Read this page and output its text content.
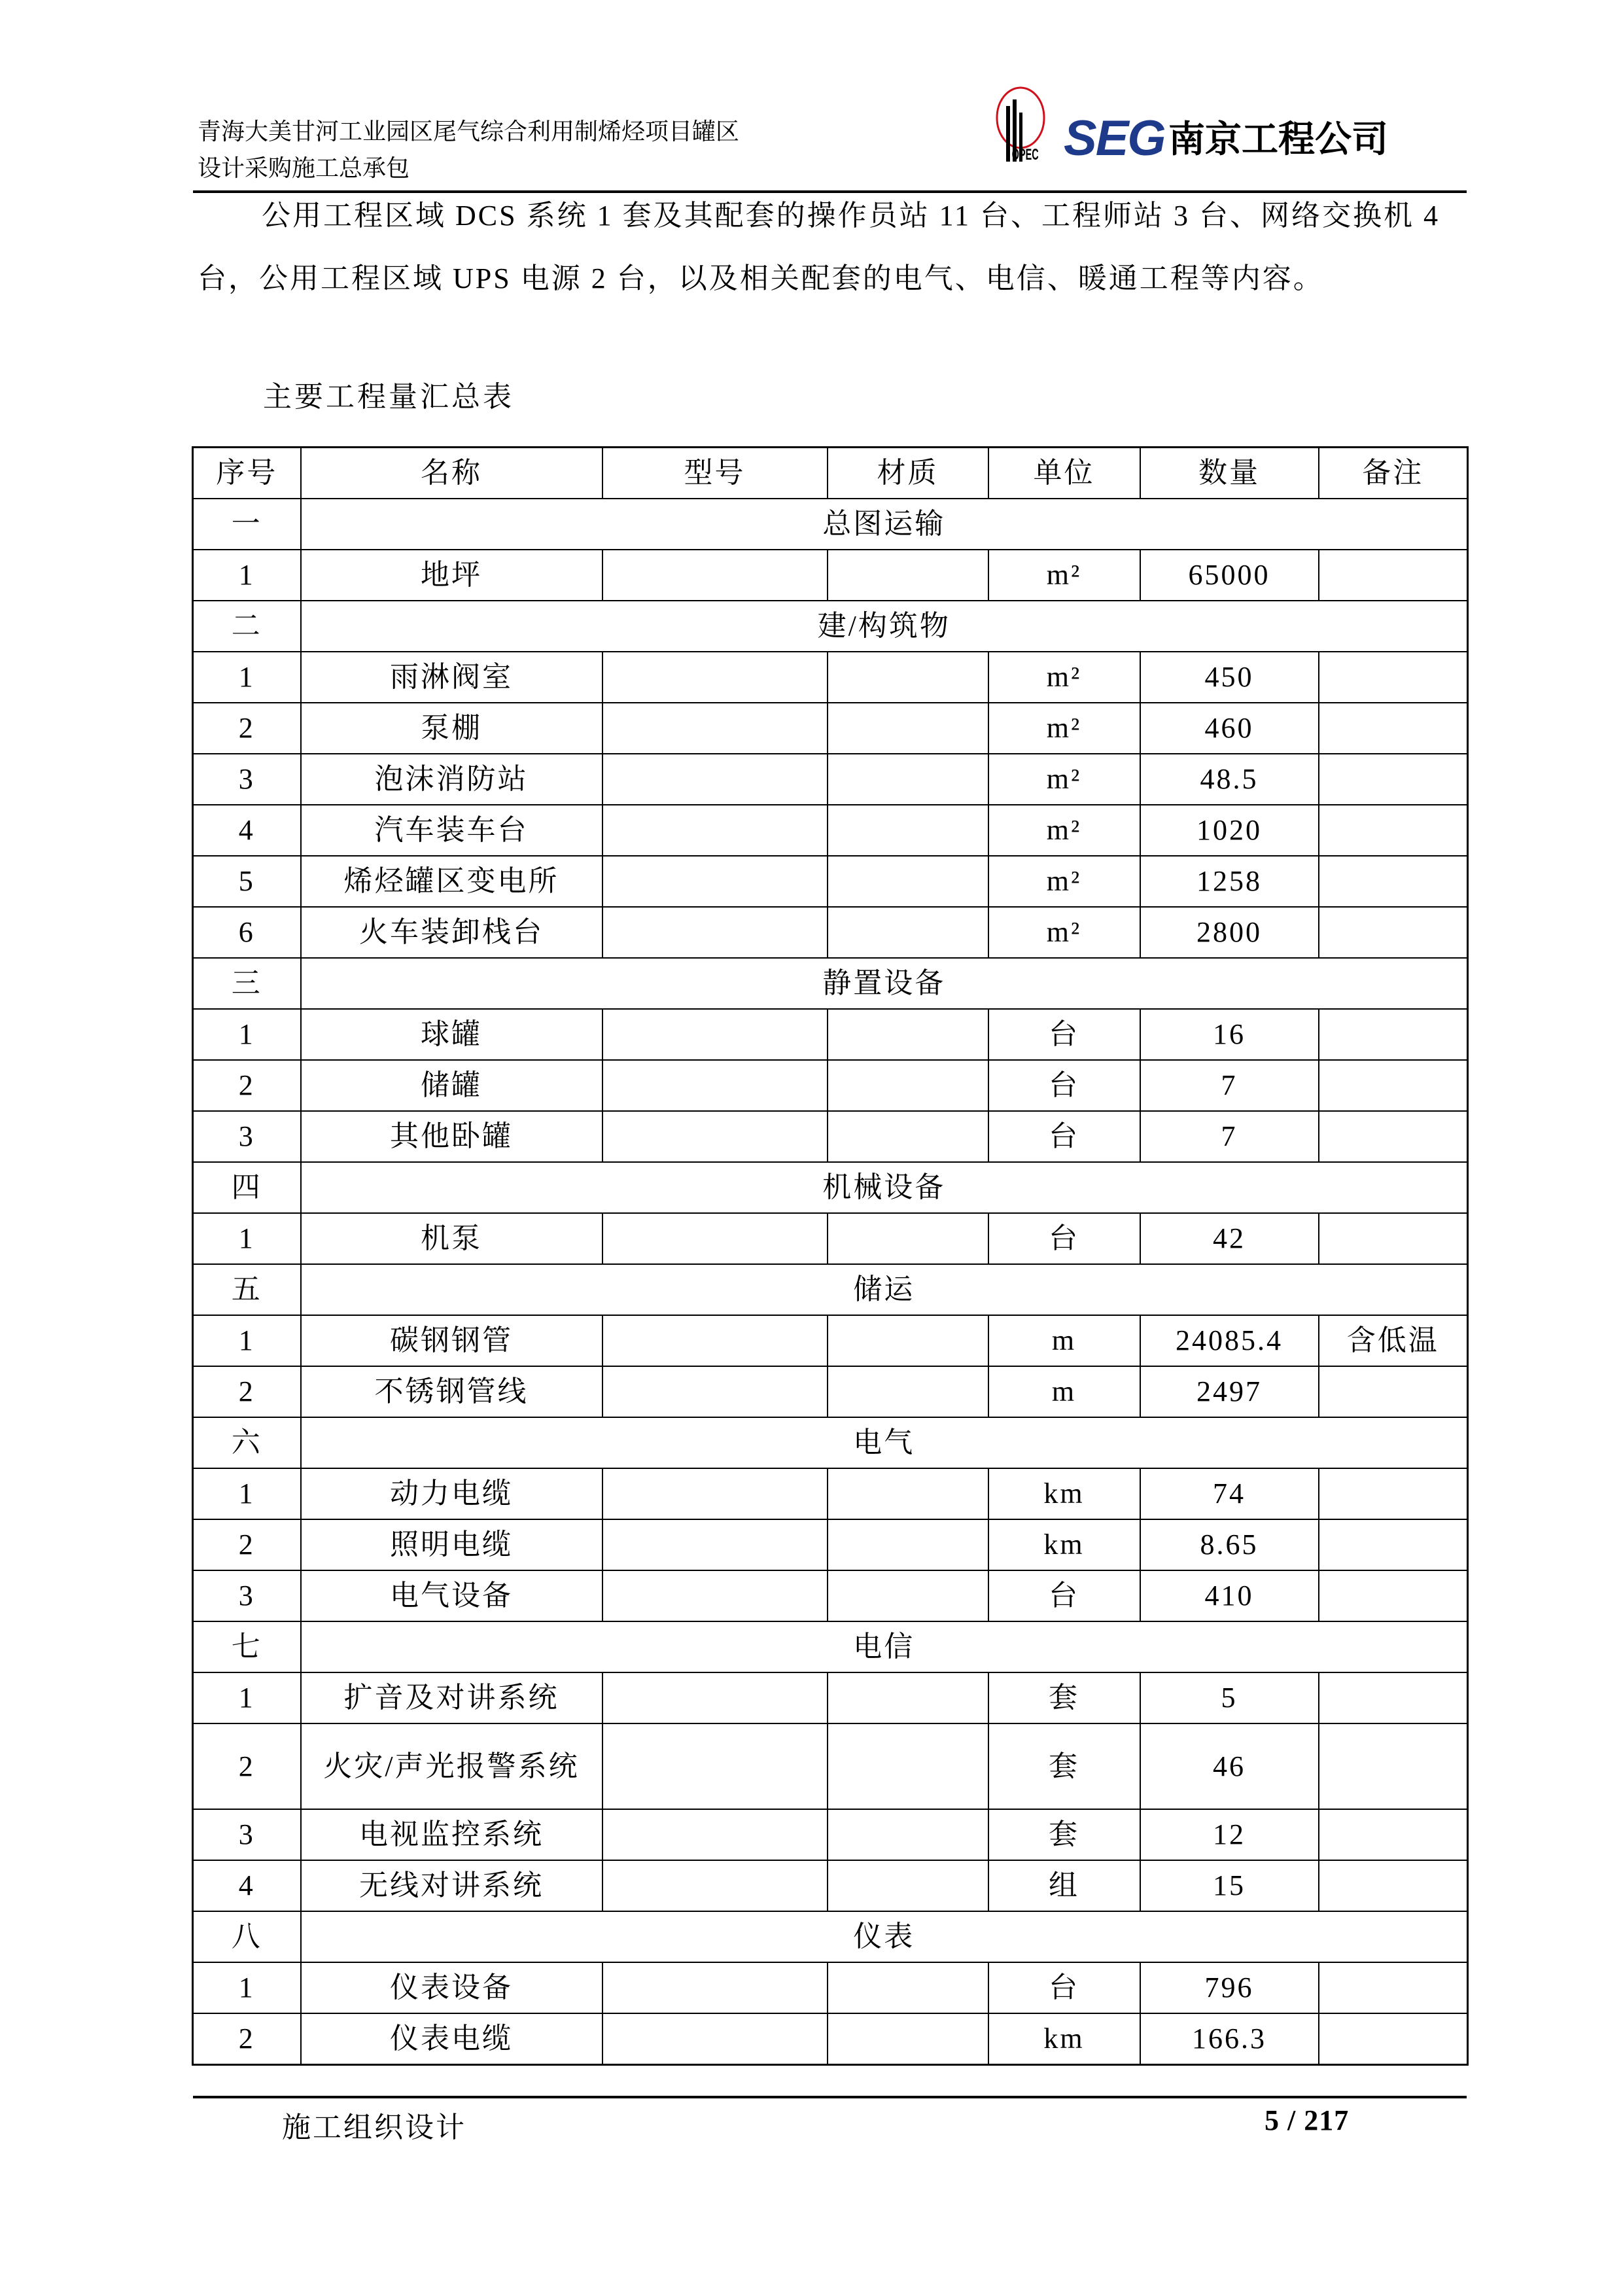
青海大美甘河工业园区尾气综合利用制烯烃项目罐区
设计采购施工总承包
OPEC SEG 南京工程公司
公用工程区域 DCS 系统 1 套及其配套的操作员站 11 台、工程师站 3 台、网络交换机 4
台，公用工程区域 UPS 电源 2 台，以及相关配套的电气、电信、暖通工程等内容。
主要工程量汇总表
序号	名称	型号	材质	单位	数量	备注
一	总图运输					
1	地坪			m²	65000	
二	建/构筑物					
1	雨淋阀室			m²	450	
2	泵棚			m²	460	
3	泡沫消防站			m²	48.5	
4	汽车装车台			m²	1020	
5	烯烃罐区变电所			m²	1258	
6	火车装卸栈台			m²	2800	
三	静置设备					
1	球罐			台	16	
2	储罐			台	7	
3	其他卧罐			台	7	
四	机械设备					
1	机泵			台	42	
五	储运					
1	碳钢钢管			m	24085.4	含低温
2	不锈钢管线			m	2497	
六	电气					
1	动力电缆			km	74	
2	照明电缆			km	8.65	
3	电气设备			台	410	
七	电信					
1	扩音及对讲系统			套	5	
2	火灾/声光报警系统			套	46	
3	电视监控系统			套	12	
4	无线对讲系统			组	15	
八	仪表					
1	仪表设备			台	796	
2	仪表电缆			km	166.3	
施工组织设计	5 / 217
